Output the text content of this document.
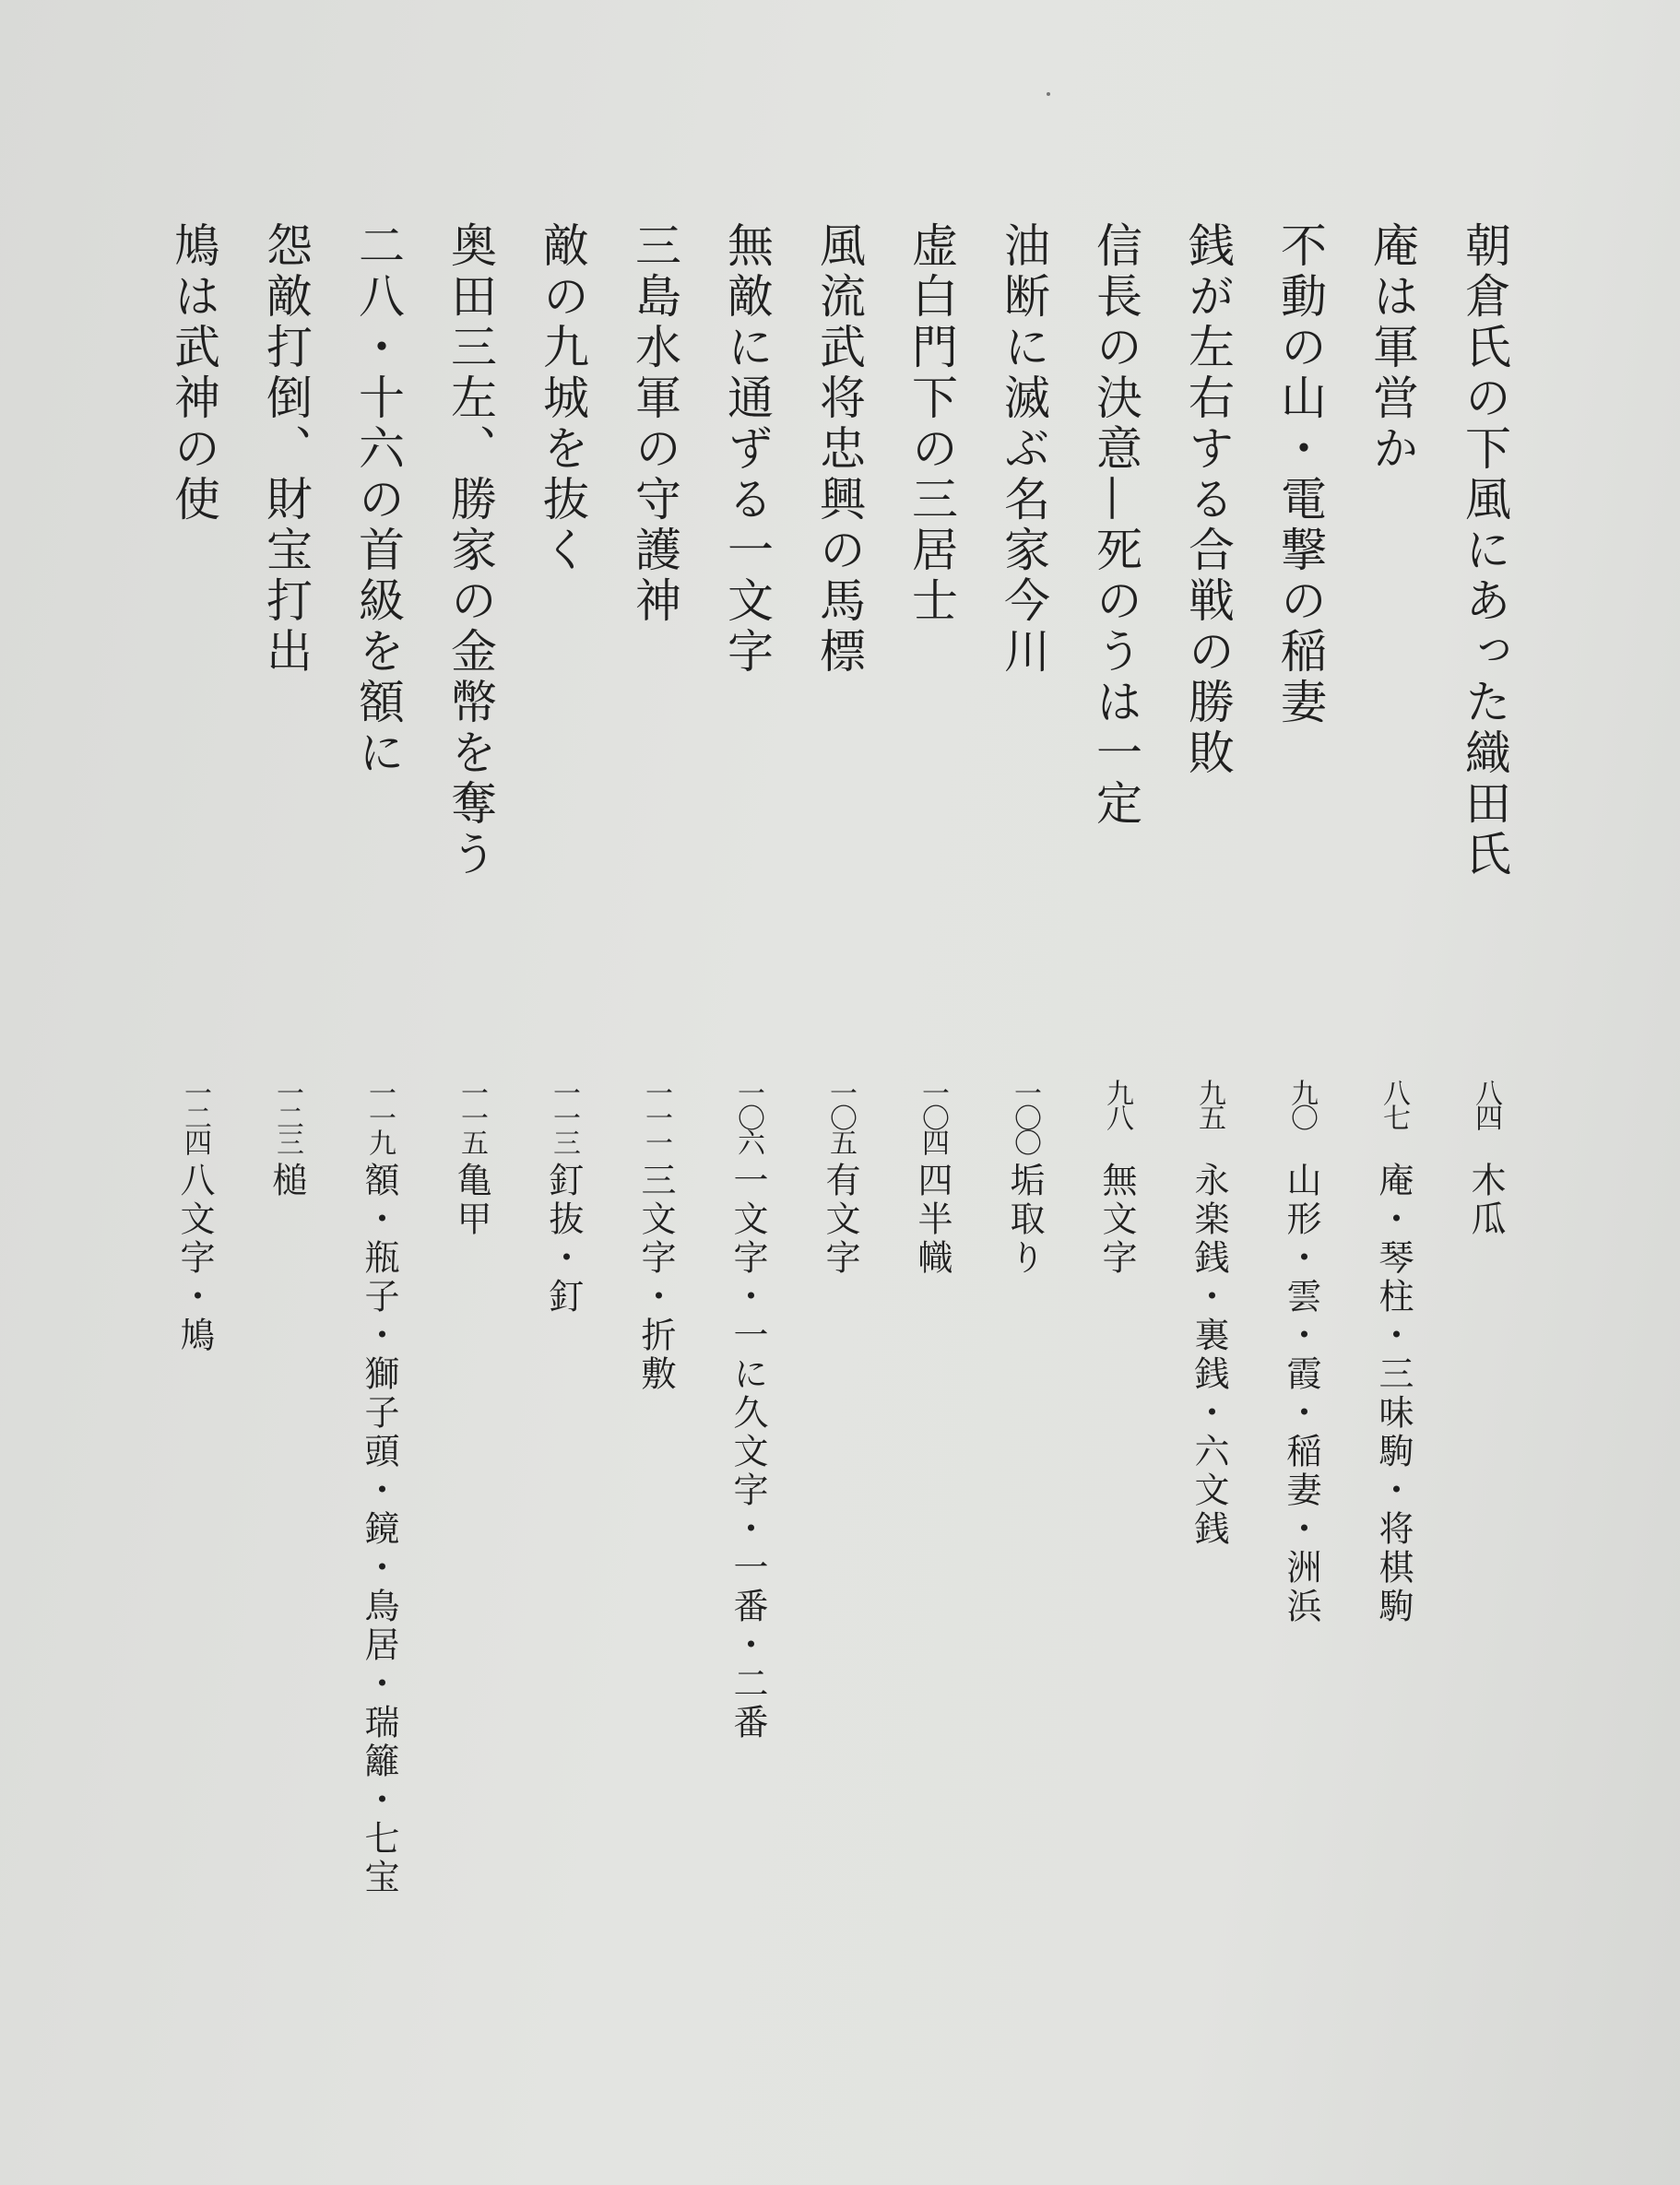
朝倉氏の下風にあった織田氏
八四
木瓜
庵は軍営か
八七
庵・琴柱・三味駒・将棋駒
不動の山・電撃の稲妻
九〇
山形・雲・霞・稲妻・洲浜
銭が左右する合戦の勝敗
九五
永楽銭・裏銭・六文銭
信長の決意—死のうは一定
九八
無文字
油断に滅ぶ名家今川
一〇〇
垢取り
虚白門下の三居士
一〇四
四半幟
風流武将忠興の馬標
一〇五
有文字
無敵に通ずる一文字
一〇六
一文字・一に久文字・一番・二番
三島水軍の守護神
一一一
三文字・折敷
敵の九城を抜く
一一三
釘抜・釘
奥田三左、勝家の金幣を奪う
一一五
亀甲
二八・十六の首級を額に
一一九
額・瓶子・獅子頭・鏡・鳥居・瑞籬・七宝
怨敵打倒、財宝打出
一二三
槌
鳩は武神の使
一二四
八文字・鳩
